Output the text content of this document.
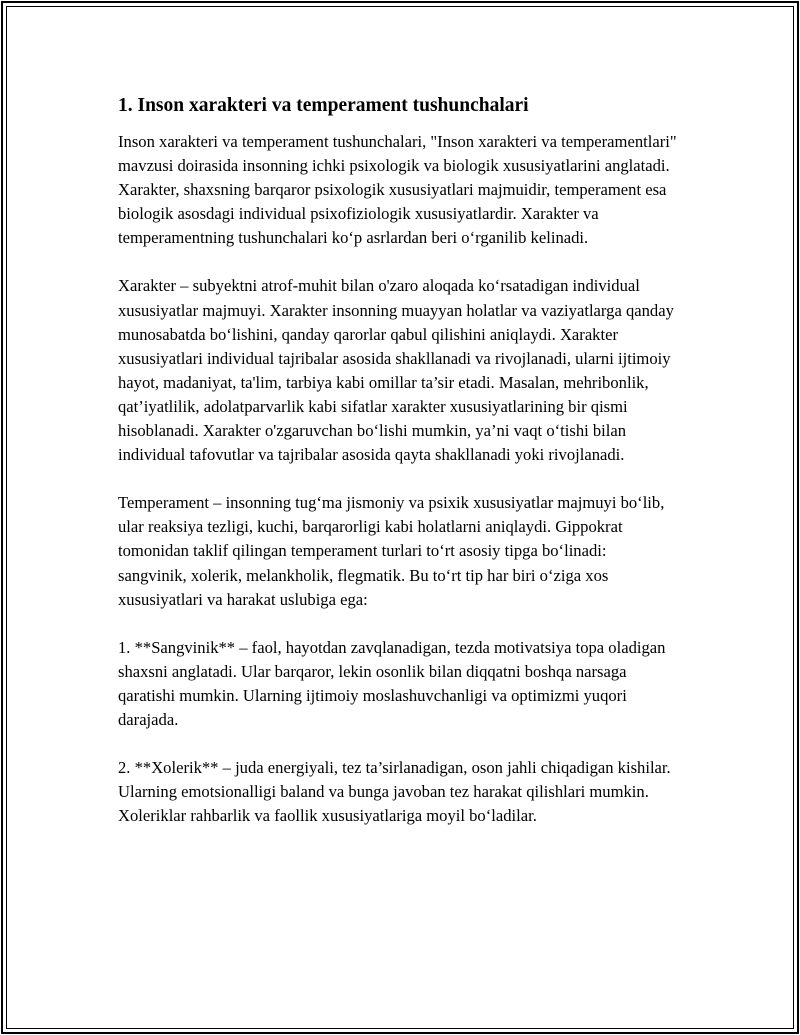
1. Inson xarakteri va temperament tushunchalari

Inson xarakteri va temperament tushunchalari, "Inson xarakteri va temperamentlari" mavzusi doirasida insonning ichki psixologik va biologik xususiyatlarini anglatadi. Xarakter, shaxsning barqaror psixologik xususiyatlari majmuidir, temperament esa biologik asosdagi individual psixofiziologik xususiyatlardir. Xarakter va temperamentning tushunchalari ko‘p asrlardan beri o‘rganilib kelinadi.

Xarakter – subyektni atrof-muhit bilan o'zaro aloqada ko‘rsatadigan individual xususiyatlar majmuyi. Xarakter insonning muayyan holatlar va vaziyatlarga qanday munosabatda bo‘lishini, qanday qarorlar qabul qilishini aniqlaydi. Xarakter xususiyatlari individual tajribalar asosida shakllanadi va rivojlanadi, ularni ijtimoiy hayot, madaniyat, ta'lim, tarbiya kabi omillar ta’sir etadi. Masalan, mehribonlik, qat’iyatlilik, adolatparvarlik kabi sifatlar xarakter xususiyatlarining bir qismi hisoblanadi. Xarakter o'zgaruvchan bo‘lishi mumkin, ya’ni vaqt o‘tishi bilan individual tafovutlar va tajribalar asosida qayta shakllanadi yoki rivojlanadi.

Temperament – insonning tug‘ma jismoniy va psixik xususiyatlar majmuyi bo‘lib, ular reaksiya tezligi, kuchi, barqarorligi kabi holatlarni aniqlaydi. Gippokrat tomonidan taklif qilingan temperament turlari to‘rt asosiy tipga bo‘linadi: sangvinik, xolerik, melankholik, flegmatik. Bu to‘rt tip har biri o‘ziga xos xususiyatlari va harakat uslubiga ega:

1. **Sangvinik** – faol, hayotdan zavqlanadigan, tezda motivatsiya topa oladigan shaxsni anglatadi. Ular barqaror, lekin osonlik bilan diqqatni boshqa narsaga qaratishi mumkin. Ularning ijtimoiy moslashuvchanligi va optimizmi yuqori darajada.

2. **Xolerik** – juda energiyali, tez ta’sirlanadigan, oson jahli chiqadigan kishilar. Ularning emotsionalligi baland va bunga javoban tez harakat qilishlari mumkin. Xoleriklar rahbarlik va faollik xususiyatlariga moyil bo‘ladilar.
